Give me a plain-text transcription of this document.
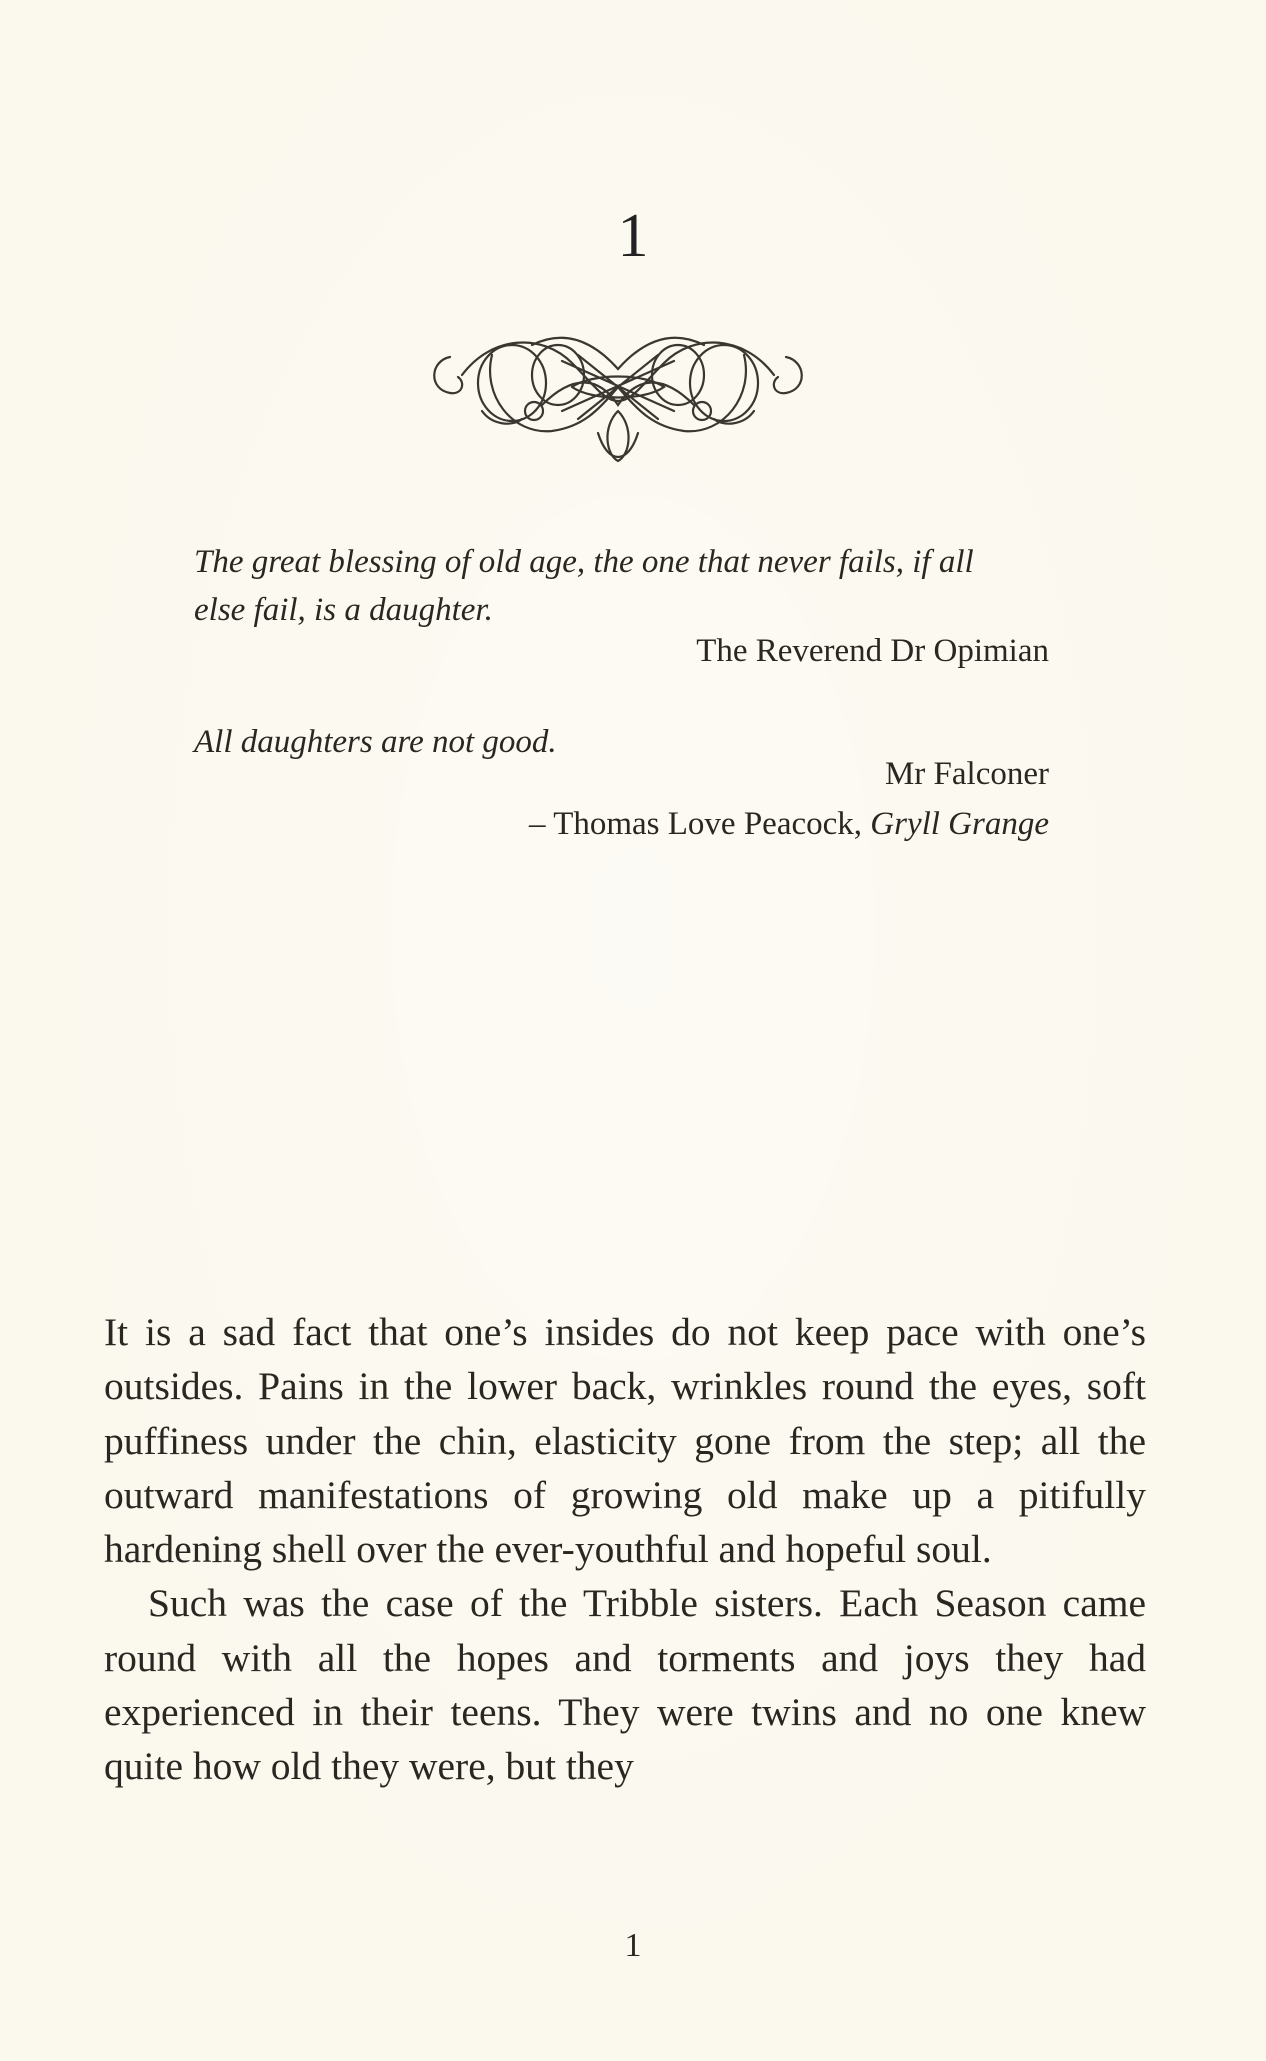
1

The great blessing of old age, the one that never fails, if all

else fail, is a daughter.

The Reverend Dr Opimian

All daughters are not good.

Mr Falconer
– Thomas Love Peacock, Gryll Grange

It is a sad fact that one’s insides do not keep pace with one’s outsides. Pains in the lower back, wrinkles round the eyes, soft puffiness under the chin, elasticity gone from the step; all the outward manifestations of growing old make up a pitifully hardening shell over the ever-youthful and hopeful soul.

Such was the case of the Tribble sisters. Each Season came round with all the hopes and torments and joys they had experienced in their teens. They were twins and no one knew quite how old they were, but they

1
